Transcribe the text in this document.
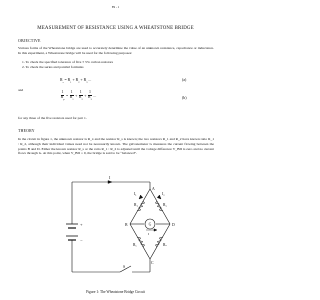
E9 - 1
MEASUREMENT OF RESISTANCE USING A WHEATSTONE BRIDGE
OBJECTIVE
Various forms of the Wheatstone bridge are used to accurately determine the value of an unknown resistance, capacitance or inductance. In this experiment, a Wheatstone bridge will be used for the following purposes:
1. To check the specified tolerance of five ± 5% carbon resistors
2. To check the series and parallel formulas
$R_s = R_1 + R_2 + R_3$ ...	(a)
and
$\frac{1}{R_p} = \frac{1}{R_1} + \frac{1}{R_2} + \frac{1}{R_3}$ ...
(b)
for any three of the five resistors used for part 1.
THEORY
In the circuit in figure 1, the unknown resistor is R_x and the resistor R_s is known; the two resistors R_1 and R_2 have known ratio R_1 : R_2, although their individual values need not be necessarily known. The galvanometer G measures the current flowing between the points B and D. Either the known resistor R_s or the ratio R_1 : R_2 is adjusted until the voltage difference V_BD is zero and no current flows through G. At this point, when V_BD = 0, the bridge is said to be “balanced”.
I
I₁	I₂
A
B
C
D
G
R₁	R₂
Rₓ	Rₛ
I
+
−
S
Figure 1: The Wheatstone Bridge Circuit
